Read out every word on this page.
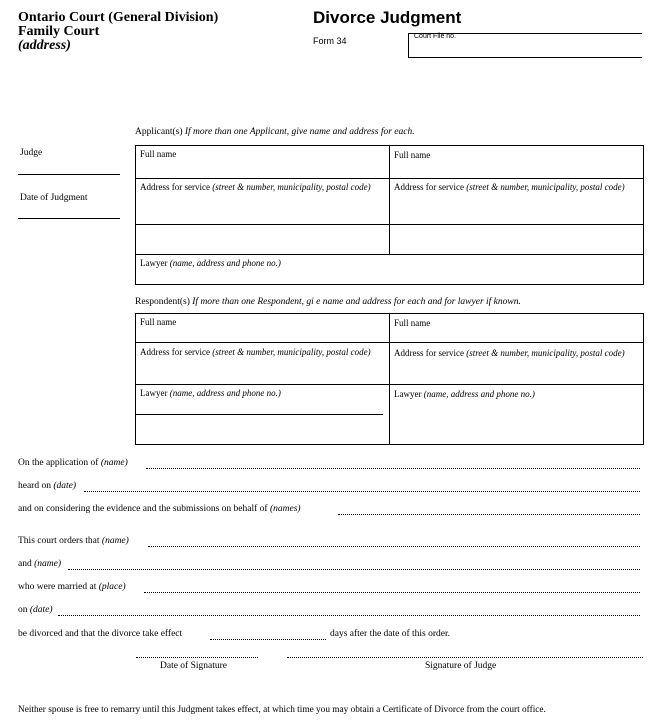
Ontario Court (General Division)
Family Court
(address)
Divorce Judgment
Form 34	Court File no.
Judge
Date of Judgment
Applicant(s) If more than one Applicant, give name and address for each.
Full name	Full name
Address for service (street & number, municipality, postal code)	Address for service (street & number, municipality, postal code)
Lawyer (name, address and phone no.)
Respondent(s) If more than one Respondent, gi e name and address for each and for lawyer if known.
Full name	Full name
Address for service (street & number, municipality, postal code)	Address for service (street & number, municipality, postal code)
Lawyer (name, address and phone no.)	Lawyer (name, address and phone no.)
On the application of (name)
heard on (date)
and on considering the evidence and the submissions on behalf of (names)
This court orders that (name)
and (name)
who were married at (place)
on (date)
be divorced and that the divorce take effect	days after the date of this order.
Date of Signature	Signature of Judge
Neither spouse is free to remarry until this Judgment takes effect, at which time you may obtain a Certificate of Divorce from the court office.
